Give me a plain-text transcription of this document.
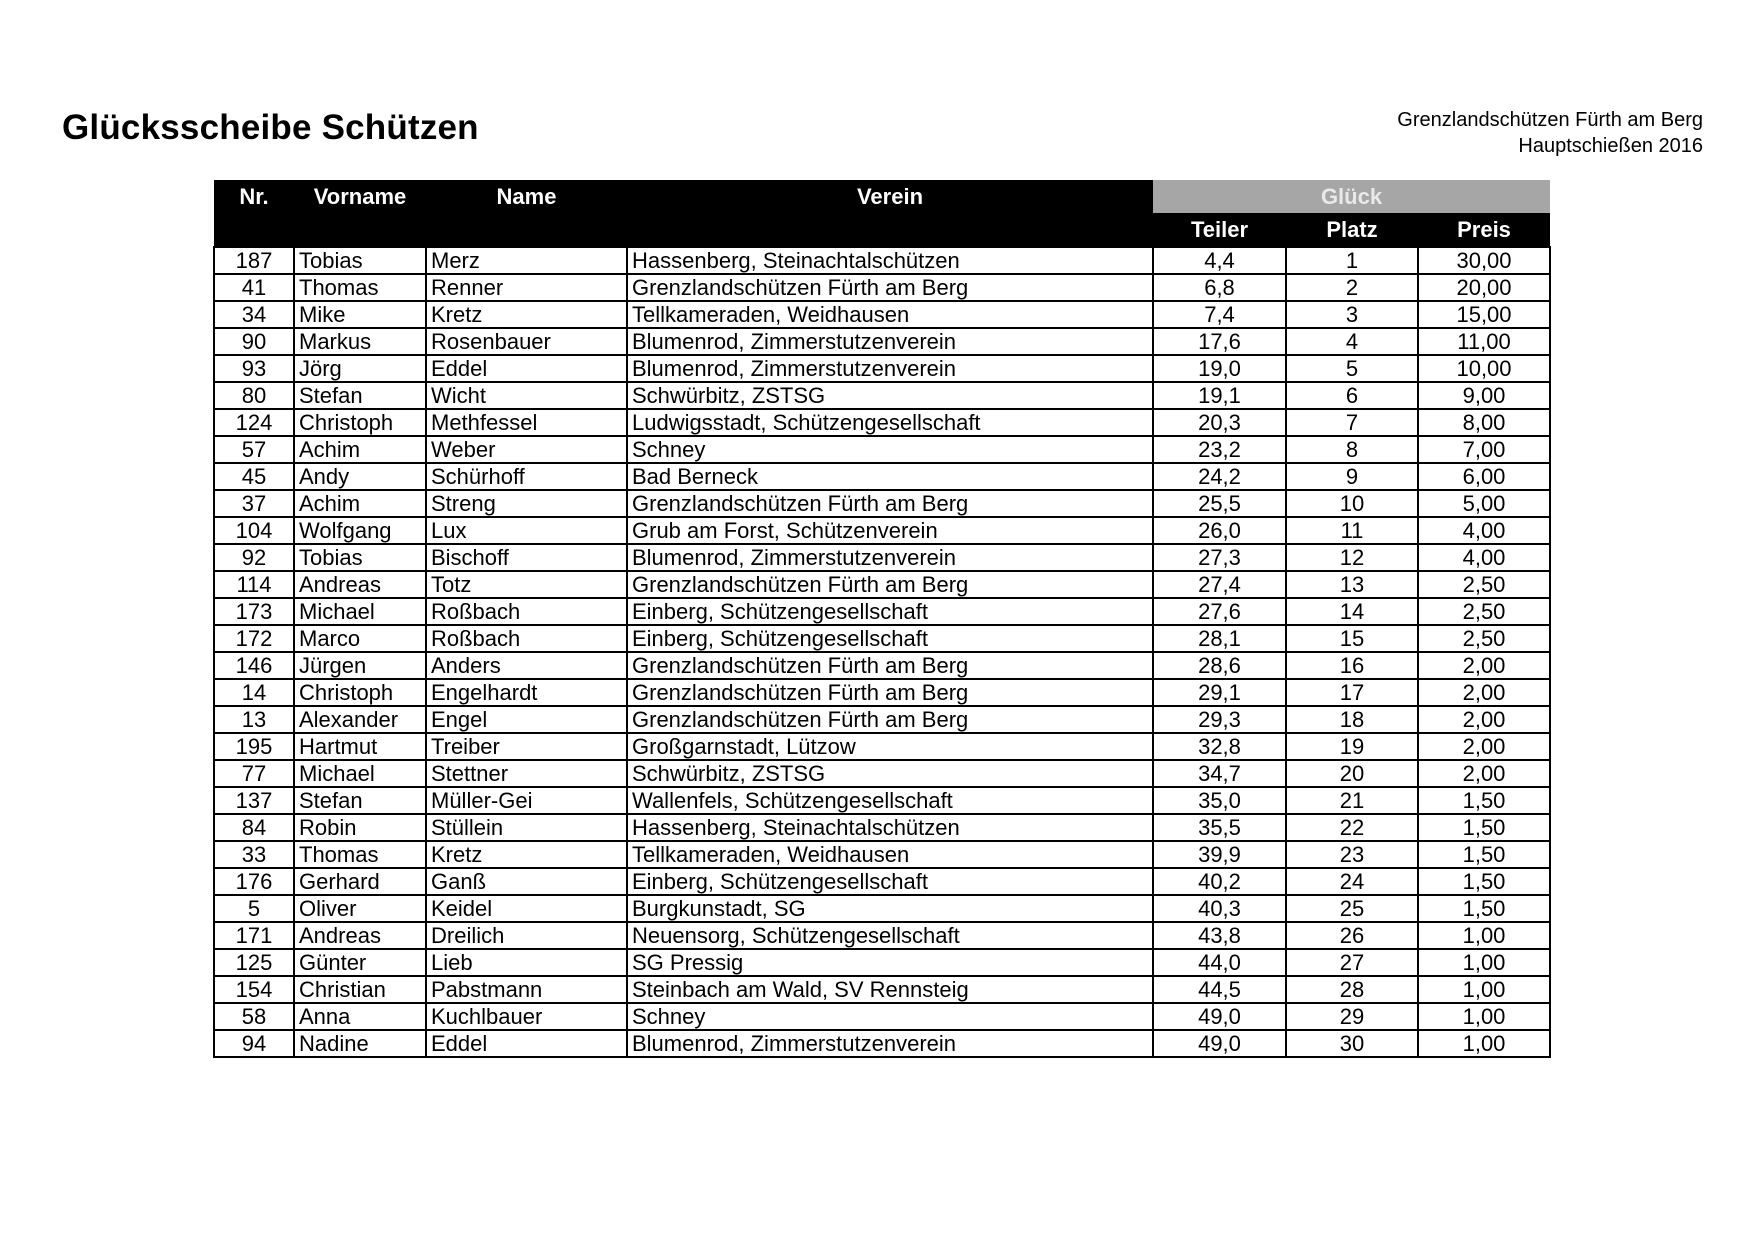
Glücksscheibe Schützen	Grenzlandschützen Fürth am Berg
Hauptschießen 2016
Nr.	Vorname	Name	Verein	Glück		
				Teiler	Platz	Preis
187	Tobias	Merz	Hassenberg, Steinachtalschützen	4,4	1	30,00
41	Thomas	Renner	Grenzlandschützen Fürth am Berg	6,8	2	20,00
34	Mike	Kretz	Tellkameraden, Weidhausen	7,4	3	15,00
90	Markus	Rosenbauer	Blumenrod, Zimmerstutzenverein	17,6	4	11,00
93	Jörg	Eddel	Blumenrod, Zimmerstutzenverein	19,0	5	10,00
80	Stefan	Wicht	Schwürbitz, ZSTSG	19,1	6	9,00
124	Christoph	Methfessel	Ludwigsstadt, Schützengesellschaft	20,3	7	8,00
57	Achim	Weber	Schney	23,2	8	7,00
45	Andy	Schürhoff	Bad Berneck	24,2	9	6,00
37	Achim	Streng	Grenzlandschützen Fürth am Berg	25,5	10	5,00
104	Wolfgang	Lux	Grub am Forst, Schützenverein	26,0	11	4,00
92	Tobias	Bischoff	Blumenrod, Zimmerstutzenverein	27,3	12	4,00
114	Andreas	Totz	Grenzlandschützen Fürth am Berg	27,4	13	2,50
173	Michael	Roßbach	Einberg, Schützengesellschaft	27,6	14	2,50
172	Marco	Roßbach	Einberg, Schützengesellschaft	28,1	15	2,50
146	Jürgen	Anders	Grenzlandschützen Fürth am Berg	28,6	16	2,00
14	Christoph	Engelhardt	Grenzlandschützen Fürth am Berg	29,1	17	2,00
13	Alexander	Engel	Grenzlandschützen Fürth am Berg	29,3	18	2,00
195	Hartmut	Treiber	Großgarnstadt, Lützow	32,8	19	2,00
77	Michael	Stettner	Schwürbitz, ZSTSG	34,7	20	2,00
137	Stefan	Müller-Gei	Wallenfels, Schützengesellschaft	35,0	21	1,50
84	Robin	Stüllein	Hassenberg, Steinachtalschützen	35,5	22	1,50
33	Thomas	Kretz	Tellkameraden, Weidhausen	39,9	23	1,50
176	Gerhard	Ganß	Einberg, Schützengesellschaft	40,2	24	1,50
5	Oliver	Keidel	Burgkunstadt, SG	40,3	25	1,50
171	Andreas	Dreilich	Neuensorg, Schützengesellschaft	43,8	26	1,00
125	Günter	Lieb	SG Pressig	44,0	27	1,00
154	Christian	Pabstmann	Steinbach am Wald, SV Rennsteig	44,5	28	1,00
58	Anna	Kuchlbauer	Schney	49,0	29	1,00
94	Nadine	Eddel	Blumenrod, Zimmerstutzenverein	49,0	30	1,00
